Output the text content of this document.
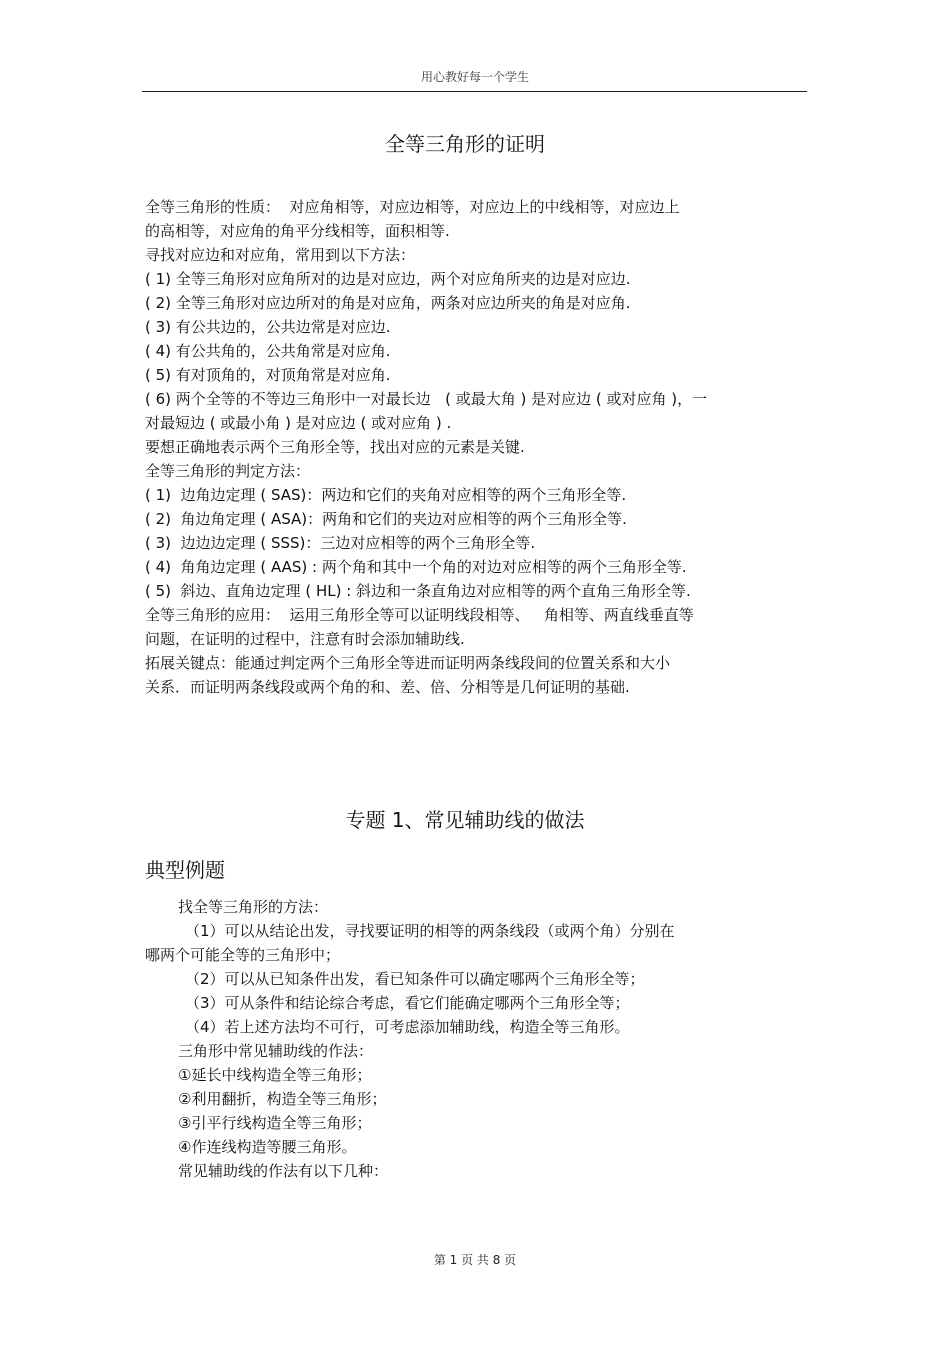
用心教好每一个学生
全等三角形的证明
全等三角形的性质：  对应角相等，对应边相等，对应边上的中线相等，对应边上
的高相等，对应角的角平分线相等，面积相等.
寻找对应边和对应角，常用到以下方法：
( 1) 全等三角形对应角所对的边是对应边，两个对应角所夹的边是对应边.
( 2) 全等三角形对应边所对的角是对应角，两条对应边所夹的角是对应角.
( 3) 有公共边的，公共边常是对应边.
( 4) 有公共角的，公共角常是对应角.
( 5) 有对顶角的，对顶角常是对应角.
( 6) 两个全等的不等边三角形中一对最长边   ( 或最大角 ) 是对应边 ( 或对应角 )，一
对最短边 ( 或最小角 ) 是对应边 ( 或对应角 ) .
要想正确地表示两个三角形全等，找出对应的元素是关键.
全等三角形的判定方法：
( 1)  边角边定理 ( SAS)：两边和它们的夹角对应相等的两个三角形全等.
( 2)  角边角定理 ( ASA)：两角和它们的夹边对应相等的两个三角形全等.
( 3)  边边边定理 ( SSS)：三边对应相等的两个三角形全等.
( 4)  角角边定理 ( AAS) : 两个角和其中一个角的对边对应相等的两个三角形全等.
( 5)  斜边、直角边定理 ( HL) : 斜边和一条直角边对应相等的两个直角三角形全等.
全等三角形的应用：  运用三角形全等可以证明线段相等、   角相等、两直线垂直等
问题，在证明的过程中，注意有时会添加辅助线.
拓展关键点：能通过判定两个三角形全等进而证明两条线段间的位置关系和大小
关系．而证明两条线段或两个角的和、差、倍、分相等是几何证明的基础.
专题 1、常见辅助线的做法
典型例题
找全等三角形的方法：
（1）可以从结论出发，寻找要证明的相等的两条线段（或两个角）分别在
哪两个可能全等的三角形中；
（2）可以从已知条件出发，看已知条件可以确定哪两个三角形全等；
（3）可从条件和结论综合考虑，看它们能确定哪两个三角形全等；
（4）若上述方法均不可行，可考虑添加辅助线，构造全等三角形。
三角形中常见辅助线的作法：
①延长中线构造全等三角形；
②利用翻折，构造全等三角形；
③引平行线构造全等三角形；
④作连线构造等腰三角形。
常见辅助线的作法有以下几种：
第 1 页 共 8 页
